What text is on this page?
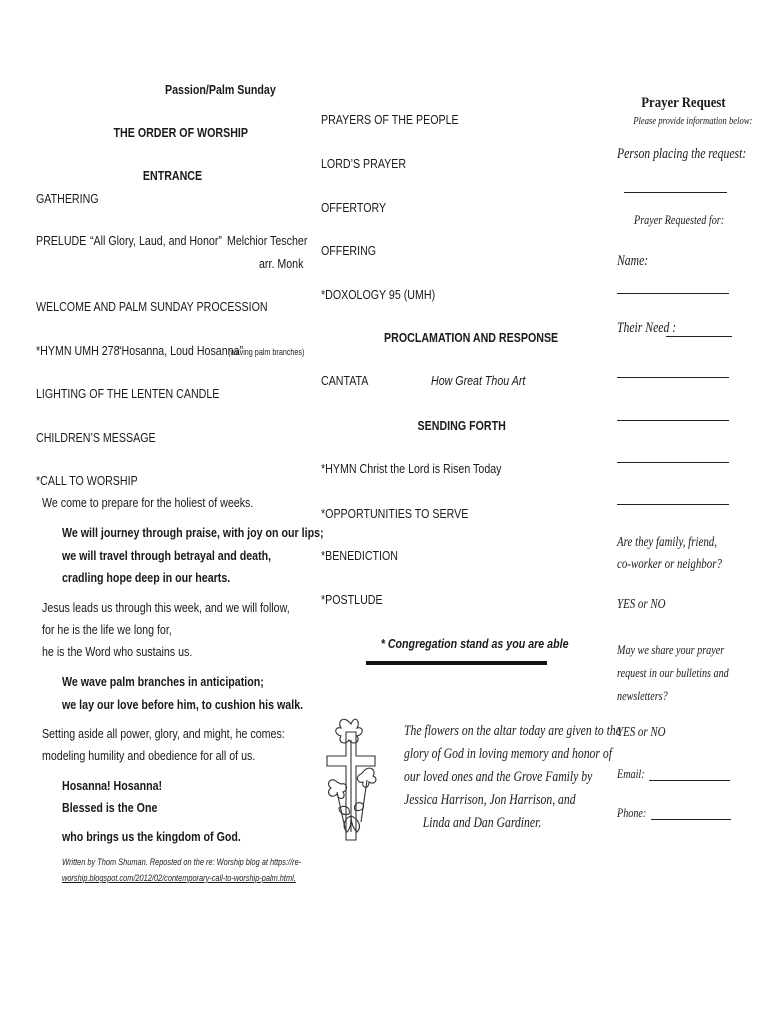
Passion/Palm Sunday
THE ORDER OF WORSHIP
ENTRANCE
GATHERING
PRELUDE “All Glory, Laud, and Honor” Melchior Tescher
arr. Monk
WELCOME AND PALM SUNDAY PROCESSION
*HYMN UMH 278
“Hosanna, Loud Hosanna”
(waving palm branches)
LIGHTING OF THE LENTEN CANDLE
CHILDREN’S MESSAGE
*CALL TO WORSHIP
We come to prepare for the holiest of weeks.
We will journey through praise, with joy on our lips;
we will travel through betrayal and death,
cradling hope deep in our hearts.
Jesus leads us through this week, and we will follow,
for he is the life we long for,
he is the Word who sustains us.
We wave palm branches in anticipation;
we lay our love before him, to cushion his walk.
Setting aside all power, glory, and might, he comes:
modeling humility and obedience for all of us.
Hosanna! Hosanna!
Blessed is the One
who brings us the kingdom of God.
Written by Thom Shuman. Reposted on the re: Worship blog at https://re-
worship.blogspot.com/2012/02/contemporary-call-to-worship-palm.html.
PRAYERS OF THE PEOPLE
LORD’S PRAYER
OFFERTORY
OFFERING
*DOXOLOGY 95 (UMH)
PROCLAMATION AND RESPONSE
CANTATA	How Great Thou Art
SENDING FORTH
*HYMN Christ the Lord is Risen Today
*OPPORTUNITIES TO SERVE
*BENEDICTION
*POSTLUDE
* Congregation stand as you are able
The flowers on the altar today are given to the
glory of God in loving memory and honor of
our loved ones and the Grove Family by
Jessica Harrison, Jon Harrison, and
Linda and Dan Gardiner.
Prayer Request
Please provide information below:
Person placing the request:
Prayer Requested for:
Name:
Their Need :
Are they family, friend,
co-worker or neighbor?
YES or NO
May we share your prayer
request in our bulletins and
newsletters?
YES or NO
Email:
Phone:
